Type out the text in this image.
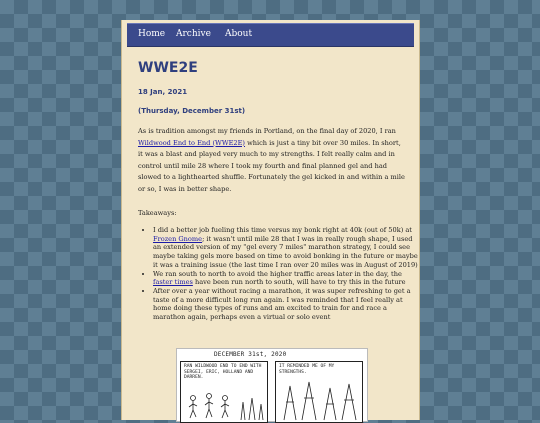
Home Archive About
WWE2E
18 Jan, 2021
(Thursday, December 31st)

As is tradition amongst my friends in Portland, on the final day of 2020, I ran Wildwood End to End (WWE2E) which is just a tiny bit over 30 miles. In short, it was a blast and played very much to my strengths. I felt really calm and in control until mile 28 where I took my fourth and final planned gel and had slowed to a lighthearted shuffle. Fortunately the gel kicked in and within a mile or so, I was in better shape.

Takeaways:

• I did a better job fueling this time versus my bonk right at 40k (out of 50k) at Frozen Gnome; it wasn't until mile 28 that I was in really rough shape, I used an extended version of my "gel every 7 miles" marathon strategy, I could see maybe taking gels more based on time to avoid bonking in the future or maybe it was a training issue (the last time I ran over 20 miles was in August of 2019)
• We ran south to north to avoid the higher traffic areas later in the day, the faster times have been run north to south, will have to try this in the future
• After over a year without racing a marathon, it was super refreshing to get a taste of a more difficult long run again. I was reminded that I feel really at home doing these types of runs and am excited to train for and race a marathon again, perhaps even a virtual or solo event
DECEMBER 31st, 2020
RAN WILDWOOD END TO END WITH SERGEI, ERIC, HOLLAND AND DARREN.
IT REMINDED ME OF MY STRENGTHS.
